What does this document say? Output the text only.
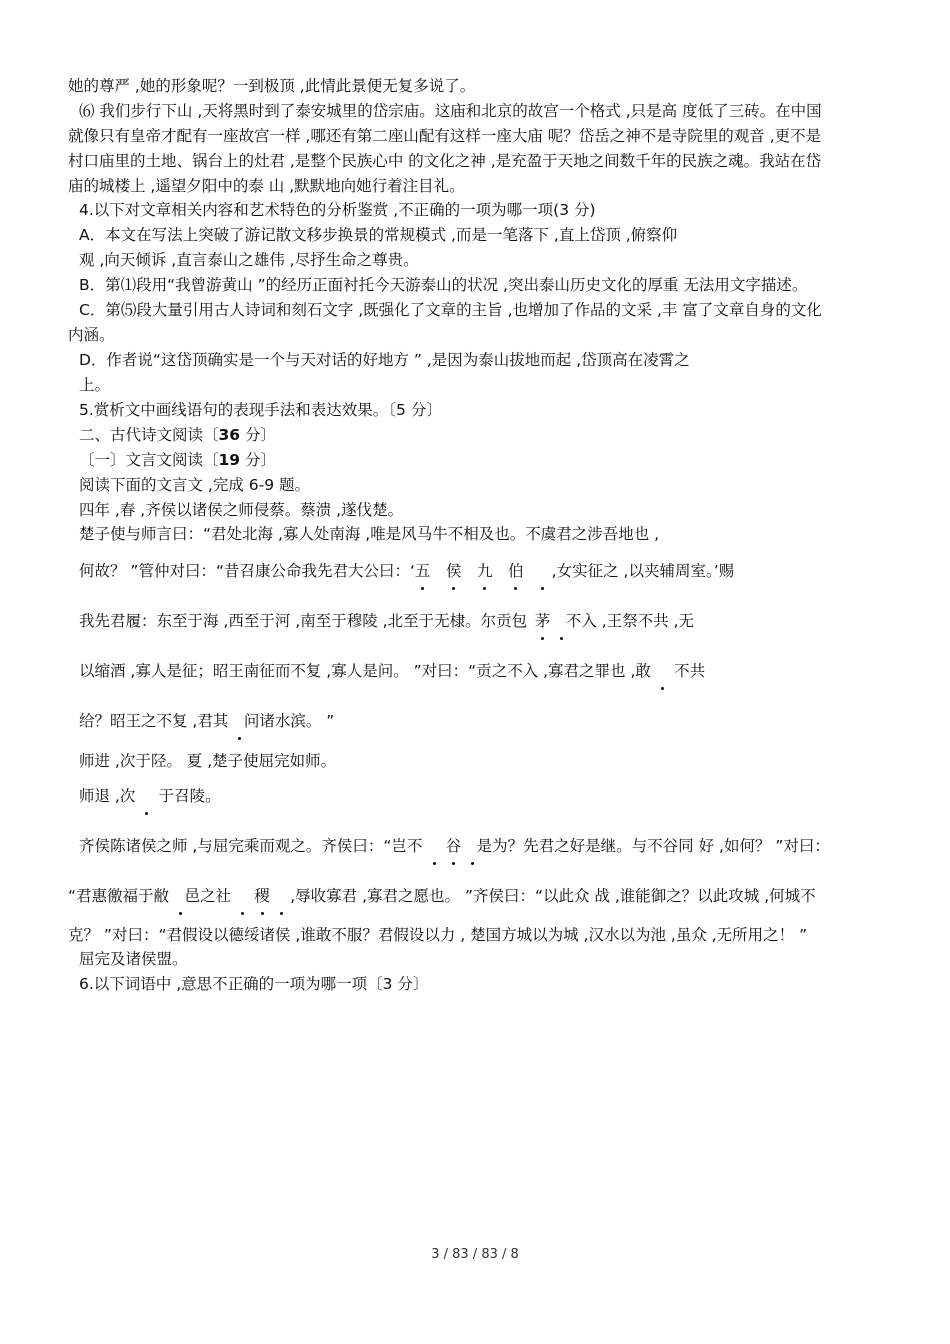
她的尊严 ,她的形象呢？一到极顶 ,此情此景便无复多说了。
⑹ 我们步行下山 ,天将黑时到了泰安城里的岱宗庙。这庙和北京的故宫一个格式 ,只是高 度低了三砖。在中国
就像只有皇帝才配有一座故宫一样 ,哪还有第二座山配有这样一座大庙 呢？岱岳之神不是寺院里的观音 ,更不是
村口庙里的土地、锅台上的灶君 ,是整个民族心中 的文化之神 ,是充盈于天地之间数千年的民族之魂。我站在岱
庙的城楼上 ,遥望夕阳中的泰 山 ,默默地向她行着注目礼。
4.以下对文章相关内容和艺术特色的分析鉴赏 ,不正确的一项为哪一项(3 分)
A．本文在写法上突破了游记散文移步换景的常规模式 ,而是一笔落下 ,直上岱顶 ,俯察仰
观 ,向天倾诉 ,直言泰山之雄伟 ,尽抒生命之尊贵。
B．第⑴段用“我曾游黄山 ”的经历正面衬托今天游泰山的状况 ,突出泰山历史文化的厚重 无法用文字描述。
C．第⑸段大量引用古人诗词和刻石文字 ,既强化了文章的主旨 ,也增加了作品的文采 ,丰 富了文章自身的文化
内涵。
D．作者说“这岱顶确实是一个与天对话的好地方 ” ,是因为泰山拔地而起 ,岱顶高在凌霄之
上。
5.赏析文中画线语句的表现手法和表达效果。〔5 分〕
二、古代诗文阅读〔36 分〕
〔一〕文言文阅读〔19 分〕
阅读下面的文言文 ,完成 6-9 题。
四年 ,春 ,齐侯以诸侯之师侵蔡。蔡溃 ,遂伐楚。
楚子使与师言曰：“君处北海 ,寡人处南海 ,唯是风马牛不相及也。不虞君之涉吾地也 ,
何故？ ”管仲对曰：“昔召康公命我先君大公曰：‘五  侯  九  伯   ,女实征之 ,以夹辅周室。’赐
我先君履：东至于海 ,西至于河 ,南至于穆陵 ,北至于无棣。尔贡包  茅   不入 ,王祭不共 ,无
以缩酒 ,寡人是征；昭王南征而不复 ,寡人是问。 ”对曰：“贡之不入 ,寡君之罪也 ,敢    不共
给？昭王之不复 ,君其   问诸水滨。 ”
师进 ,次于陉。 夏 ,楚子使屈完如师。
师退 ,次    于召陵。
齐侯陈诸侯之师 ,与屈完乘而观之。齐侯曰：“岂不    谷   是为？先君之好是继。与不谷同 好 ,如何？ ”对曰：
“君惠徼福于敝   邑之社    稷   ,辱收寡君 ,寡君之愿也。 ”齐侯曰：“以此众 战 ,谁能御之？以此攻城 ,何城不
克？ ”对曰：“君假设以德绥诸侯 ,谁敢不服？君假设以力 , 楚国方城以为城 ,汉水以为池 ,虽众 ,无所用之！ ”
屈完及诸侯盟。
6.以下词语中 ,意思不正确的一项为哪一项〔3 分〕
3 / 83 / 83 / 8
